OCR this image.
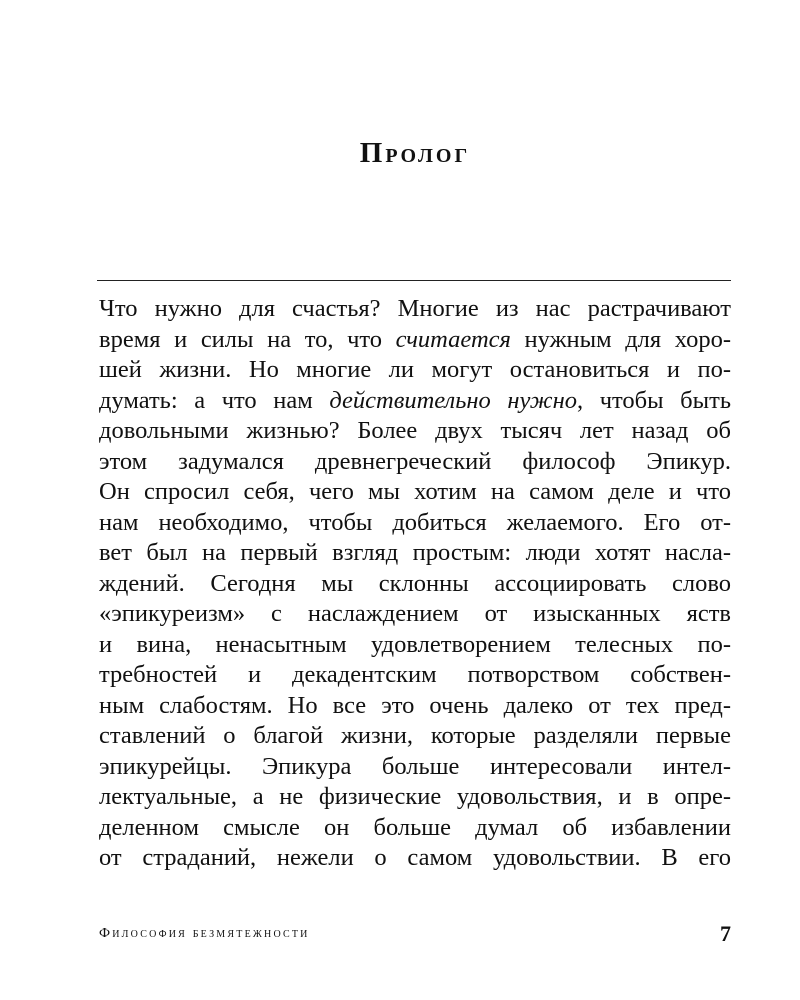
Пролог
Что нужно для счастья? Многие из нас растрачивают
время и силы на то, что считается нужным для хоро-
шей жизни. Но многие ли могут остановиться и по-
думать: а что нам действительно нужно, чтобы быть
довольными жизнью? Более двух тысяч лет назад об
этом задумался древнегреческий философ Эпикур.
Он спросил себя, чего мы хотим на самом деле и что
нам необходимо, чтобы добиться желаемого. Его от-
вет был на первый взгляд простым: люди хотят насла-
ждений. Сегодня мы склонны ассоциировать слово
«эпикуреизм» с наслаждением от изысканных яств
и вина, ненасытным удовлетворением телесных по-
требностей и декадентским потворством собствен-
ным слабостям. Но все это очень далеко от тех пред-
ставлений о благой жизни, которые разделяли первые
эпикурейцы. Эпикура больше интересовали интел-
лектуальные, а не физические удовольствия, и в опре-
деленном смысле он больше думал об избавлении
от страданий, нежели о самом удовольствии. В его
Философия безмятежности	7
